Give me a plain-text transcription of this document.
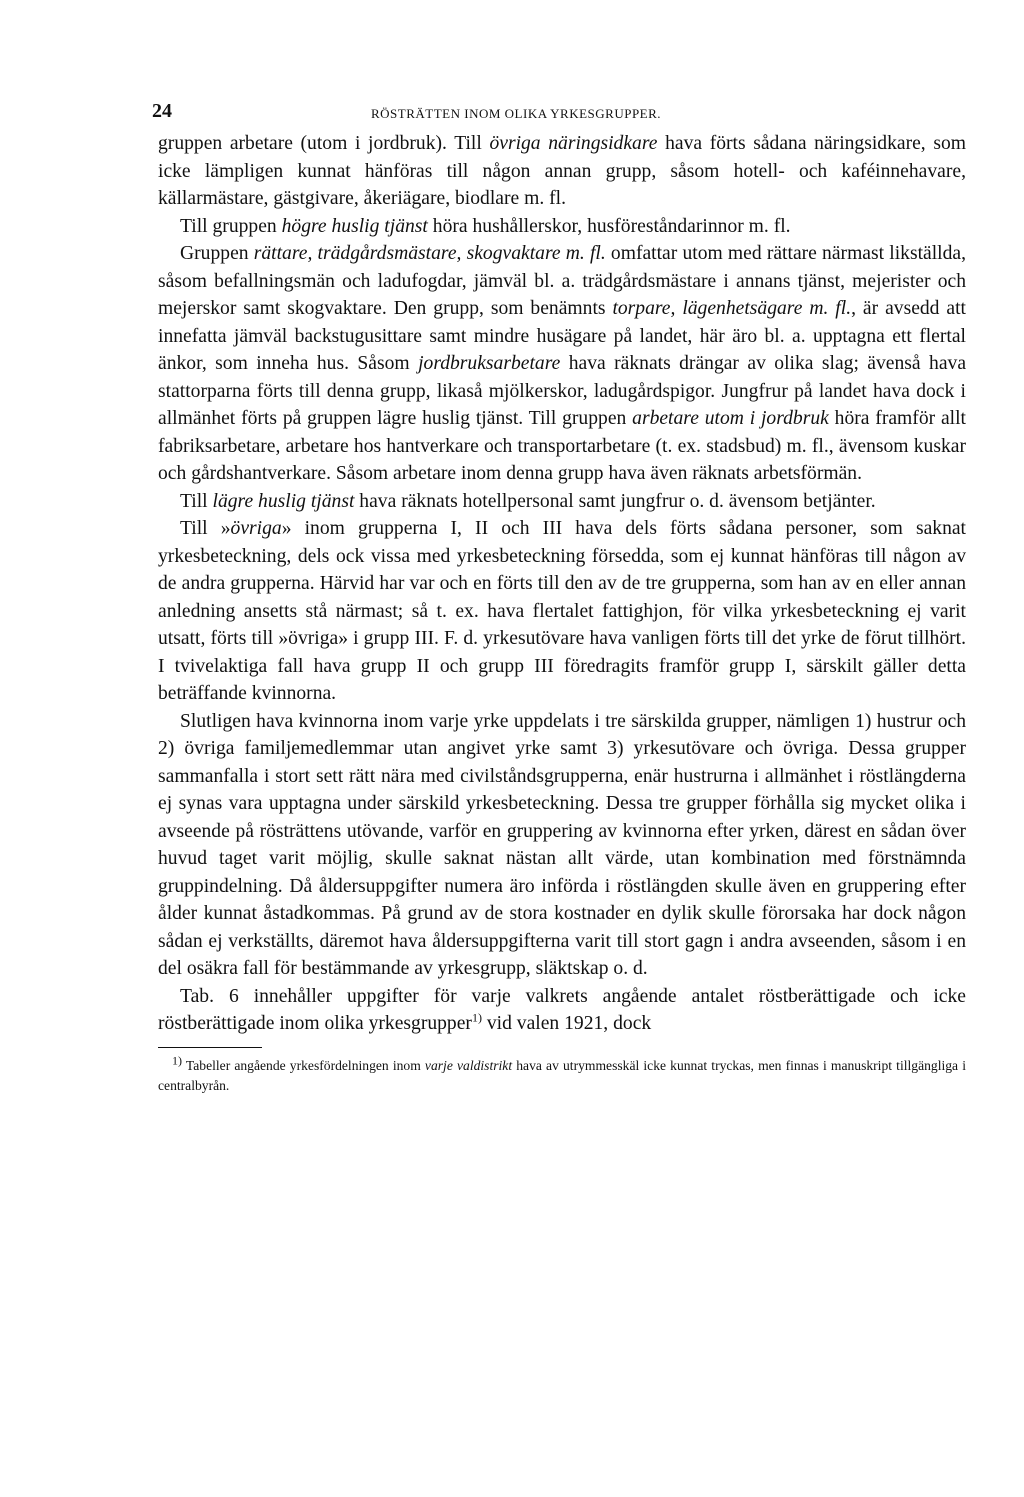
24	RÖSTRÄTTEN INOM OLIKA YRKESGRUPPER.

gruppen arbetare (utom i jordbruk). Till övriga näringsidkare hava förts sådana näringsidkare, som icke lämpligen kunnat hänföras till någon annan grupp, såsom hotell- och kaféinnehavare, källarmästare, gästgivare, åkeriägare, biodlare m. fl.

Till gruppen högre huslig tjänst höra hushållerskor, husföreståndarinnor m. fl.

Gruppen rättare, trädgårdsmästare, skogvaktare m. fl. omfattar utom med rättare närmast likställda, såsom befallningsmän och ladufogdar, jämväl bl. a. trädgårdsmästare i annans tjänst, mejerister och mejerskor samt skogvaktare. Den grupp, som benämnts torpare, lägenhetsägare m. fl., är avsedd att innefatta jämväl backstugusittare samt mindre husägare på landet, här äro bl. a. upptagna ett flertal änkor, som inneha hus. Såsom jordbruksarbetare hava räknats drängar av olika slag; ävenså hava stattorparna förts till denna grupp, likaså mjölkerskor, ladugårdspigor. Jungfrur på landet hava dock i allmänhet förts på gruppen lägre huslig tjänst. Till gruppen arbetare utom i jordbruk höra framför allt fabriksarbetare, arbetare hos hantverkare och transportarbetare (t. ex. stadsbud) m. fl., ävensom kuskar och gårdshantverkare. Såsom arbetare inom denna grupp hava även räknats arbetsförmän.

Till lägre huslig tjänst hava räknats hotellpersonal samt jungfrur o. d. ävensom betjänter.

Till »övriga» inom grupperna I, II och III hava dels förts sådana personer, som saknat yrkesbeteckning, dels ock vissa med yrkesbeteckning försedda, som ej kunnat hänföras till någon av de andra grupperna. Härvid har var och en förts till den av de tre grupperna, som han av en eller annan anledning ansetts stå närmast; så t. ex. hava flertalet fattighjon, för vilka yrkesbeteckning ej varit utsatt, förts till »övriga» i grupp III. F. d. yrkesutövare hava vanligen förts till det yrke de förut tillhört. I tvivelaktiga fall hava grupp II och grupp III föredragits framför grupp I, särskilt gäller detta beträffande kvinnorna.

Slutligen hava kvinnorna inom varje yrke uppdelats i tre särskilda grupper, nämligen 1) hustrur och 2) övriga familjemedlemmar utan angivet yrke samt 3) yrkesutövare och övriga. Dessa grupper sammanfalla i stort sett rätt nära med civilståndsgrupperna, enär hustrurna i allmänhet i röstlängderna ej synas vara upptagna under särskild yrkesbeteckning. Dessa tre grupper förhålla sig mycket olika i avseende på rösträttens utövande, varför en gruppering av kvinnorna efter yrken, därest en sådan över huvud taget varit möjlig, skulle saknat nästan allt värde, utan kombination med förstnämnda gruppindelning. Då åldersuppgifter numera äro införda i röstlängden skulle även en gruppering efter ålder kunnat åstadkommas. På grund av de stora kostnader en dylik skulle förorsaka har dock någon sådan ej verkställts, däremot hava åldersuppgifterna varit till stort gagn i andra avseenden, såsom i en del osäkra fall för bestämmande av yrkesgrupp, släktskap o. d.

Tab. 6 innehåller uppgifter för varje valkrets angående antalet röstberättigade och icke röstberättigade inom olika yrkesgrupper$^{1)}$ vid valen 1921, dock

$^{1)}$ Tabeller angående yrkesfördelningen inom varje valdistrikt hava av utrymmesskäl icke kunnat tryckas, men finnas i manuskript tillgängliga i centralbyrån.
